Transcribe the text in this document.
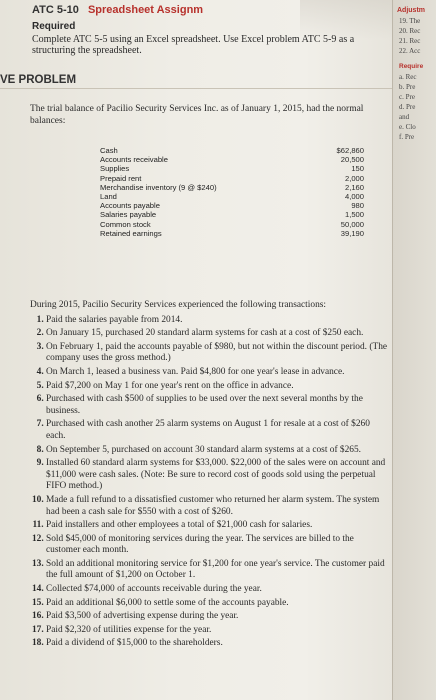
ATC 5-10 Spreadsheet Assignm
Required
Complete ATC 5-5 using an Excel spreadsheet. Use Excel problem ATC 5-9 as a structuring the spreadsheet.
VE PROBLEM
The trial balance of Pacilio Security Services Inc. as of January 1, 2015, had the normal balances:
Cash	$62,860
Accounts receivable	20,500
Supplies	150
Prepaid rent	2,000
Merchandise inventory (9 @ $240)	2,160
Land	4,000
Accounts payable	980
Salaries payable	1,500
Common stock	50,000
Retained earnings	39,190
During 2015, Pacilio Security Services experienced the following transactions:
1. Paid the salaries payable from 2014.
2. On January 15, purchased 20 standard alarm systems for cash at a cost of $250 each.
3. On February 1, paid the accounts payable of $980, but not within the discount period. (The company uses the gross method.)
4. On March 1, leased a business van. Paid $4,800 for one year's lease in advance.
5. Paid $7,200 on May 1 for one year's rent on the office in advance.
6. Purchased with cash $500 of supplies to be used over the next several months by the business.
7. Purchased with cash another 25 alarm systems on August 1 for resale at a cost of $260 each.
8. On September 5, purchased on account 30 standard alarm systems at a cost of $265.
9. Installed 60 standard alarm systems for $33,000. $22,000 of the sales were on account and $11,000 were cash sales. (Note: Be sure to record cost of goods sold using the perpetual FIFO method.)
10. Made a full refund to a dissatisfied customer who returned her alarm system. The system had been a cash sale for $550 with a cost of $260.
11. Paid installers and other employees a total of $21,000 cash for salaries.
12. Sold $45,000 of monitoring services during the year. The services are billed to the customer each month.
13. Sold an additional monitoring service for $1,200 for one year's service. The customer paid the full amount of $1,200 on October 1.
14. Collected $74,000 of accounts receivable during the year.
15. Paid an additional $6,000 to settle some of the accounts payable.
16. Paid $3,500 of advertising expense during the year.
17. Paid $2,320 of utilities expense for the year.
18. Paid a dividend of $15,000 to the shareholders.
Adjustm
19. The
20. Rec
21. Rec
22. Acc
Require
a. Rec
b. Pre
c. Pre
d. Pre
and
e. Clo
f. Pre
